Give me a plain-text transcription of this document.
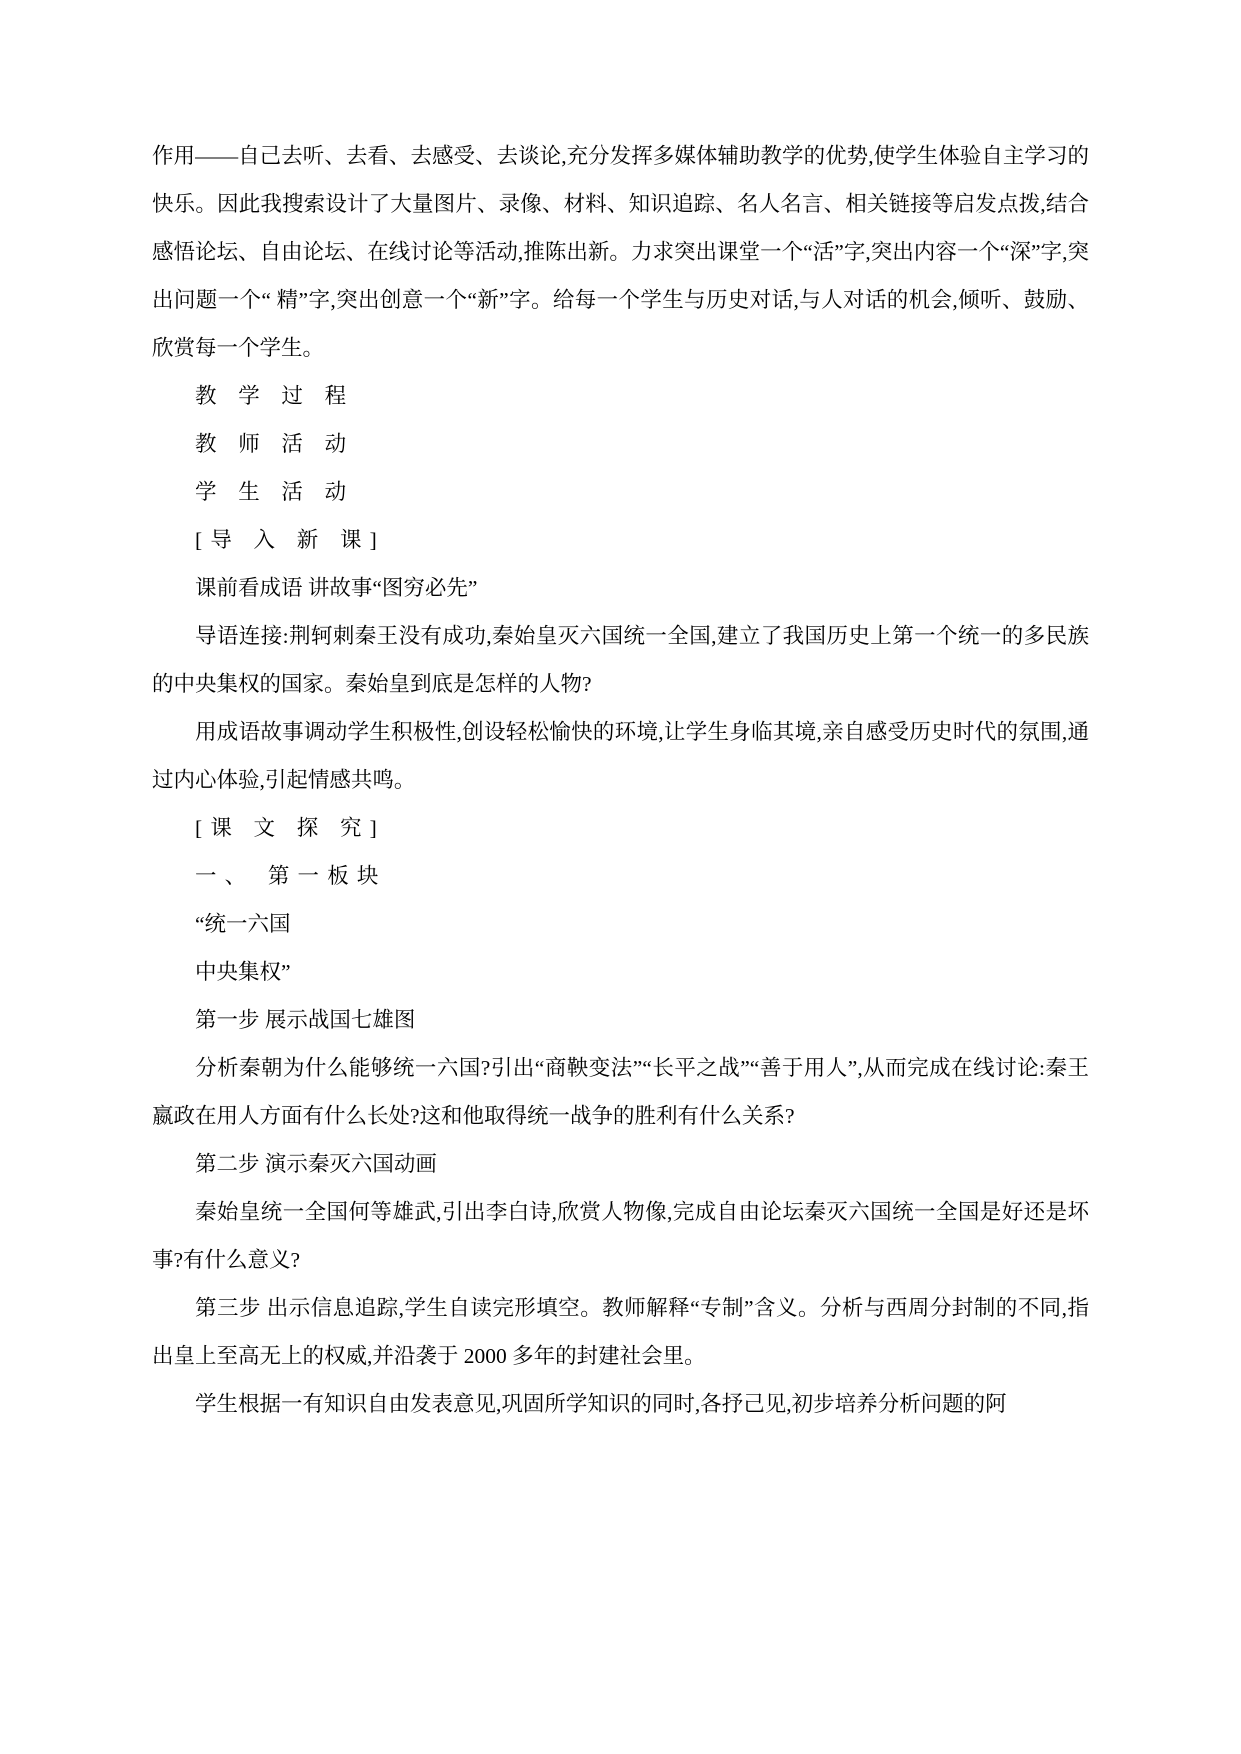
作用——自己去听、去看、去感受、去谈论,充分发挥多媒体辅助教学的优势,使学生体验自主学习的快乐。因此我搜索设计了大量图片、录像、材料、知识追踪、名人名言、相关链接等启发点拨,结合感悟论坛、自由论坛、在线讨论等活动,推陈出新。力求突出课堂一个“活”字,突出内容一个“深”字,突出问题一个“ 精”字,突出创意一个“新”字。给每一个学生与历史对话,与人对话的机会,倾听、鼓励、欣赏每一个学生。

教 学 过 程

教 师 活 动

学 生 活 动

[导 入 新 课]

课前看成语 讲故事“图穷必先”

导语连接:荆轲刺秦王没有成功,秦始皇灭六国统一全国,建立了我国历史上第一个统一的多民族的中央集权的国家。秦始皇到底是怎样的人物?

用成语故事调动学生积极性,创设轻松愉快的环境,让学生身临其境,亲自感受历史时代的氛围,通过内心体验,引起情感共鸣。

[课 文 探 究]

一、 第一板块

“统一六国

中央集权”

第一步 展示战国七雄图

分析秦朝为什么能够统一六国?引出“商鞅变法”“长平之战”“善于用人”,从而完成在线讨论:秦王嬴政在用人方面有什么长处?这和他取得统一战争的胜利有什么关系?

第二步 演示秦灭六国动画

秦始皇统一全国何等雄武,引出李白诗,欣赏人物像,完成自由论坛秦灭六国统一全国是好还是坏事?有什么意义?

第三步 出示信息追踪,学生自读完形填空。教师解释“专制”含义。分析与西周分封制的不同,指出皇上至高无上的权威,并沿袭于 2000 多年的封建社会里。

学生根据一有知识自由发表意见,巩固所学知识的同时,各抒己见,初步培养分析问题的阿
